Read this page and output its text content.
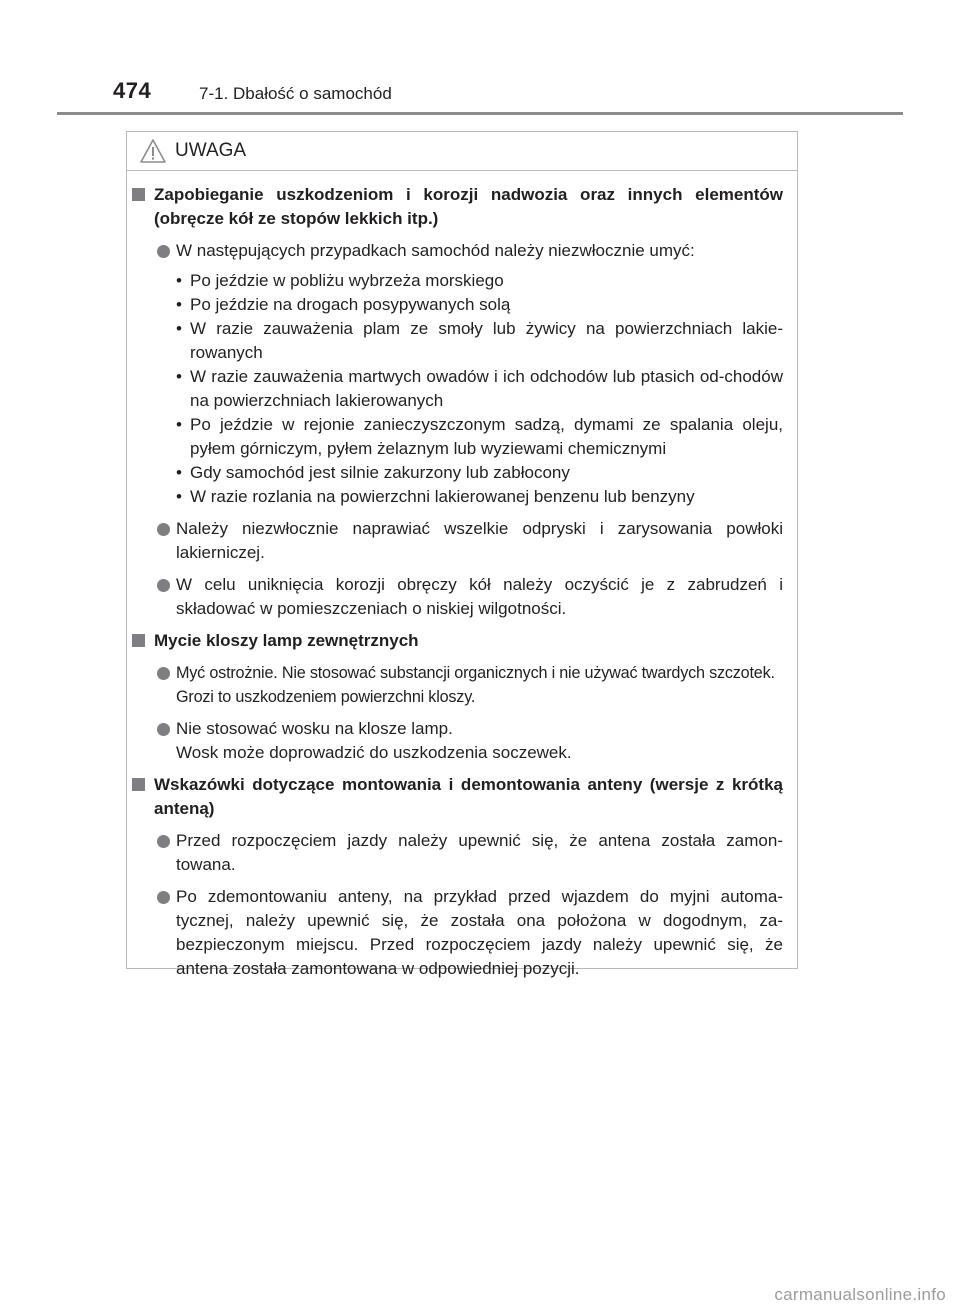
474	7-1. Dbałość o samochód
UWAGA
Zapobieganie uszkodzeniom i korozji nadwozia oraz innych elementów (obręcze kół ze stopów lekkich itp.)
W następujących przypadkach samochód należy niezwłocznie umyć:
• Po jeździe w pobliżu wybrzeża morskiego
• Po jeździe na drogach posypywanych solą
• W razie zauważenia plam ze smoły lub żywicy na powierzchniach lakie-rowanych
• W razie zauważenia martwych owadów i ich odchodów lub ptasich od-chodów na powierzchniach lakierowanych
• Po jeździe w rejonie zanieczyszczonym sadzą, dymami ze spalania oleju, pyłem górniczym, pyłem żelaznym lub wyziewami chemicznymi
• Gdy samochód jest silnie zakurzony lub zabłocony
• W razie rozlania na powierzchni lakierowanej benzenu lub benzyny
Należy niezwłocznie naprawiać wszelkie odpryski i zarysowania powłoki lakierniczej.
W celu uniknięcia korozji obręczy kół należy oczyścić je z zabrudzeń i składować w pomieszczeniach o niskiej wilgotności.
Mycie kloszy lamp zewnętrznych
Myć ostrożnie. Nie stosować substancji organicznych i nie używać twardych szczotek.
Grozi to uszkodzeniem powierzchni kloszy.
Nie stosować wosku na klosze lamp.
Wosk może doprowadzić do uszkodzenia soczewek.
Wskazówki dotyczące montowania i demontowania anteny (wersje z krótką anteną)
Przed rozpoczęciem jazdy należy upewnić się, że antena została zamon-towana.
Po zdemontowaniu anteny, na przykład przed wjazdem do myjni automa-tycznej, należy upewnić się, że została ona położona w dogodnym, za-bezpieczonym miejscu. Przed rozpoczęciem jazdy należy upewnić się, że antena została zamontowana w odpowiedniej pozycji.
carmanualsonline.info
